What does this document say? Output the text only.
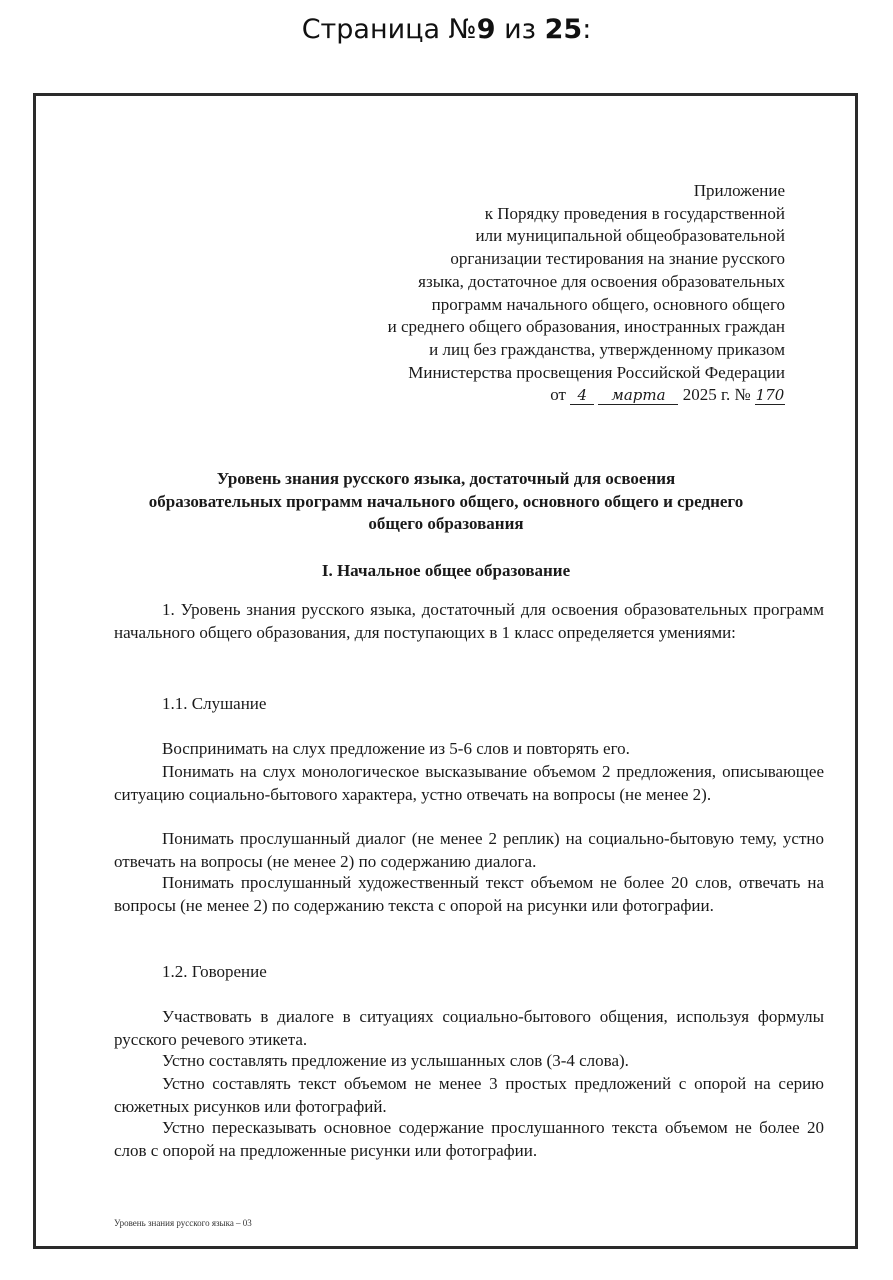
Страница №9 из 25:
Приложение
к Порядку проведения в государственной
или муниципальной общеобразовательной
организации тестирования на знание русского
языка, достаточное для освоения образовательных
программ начального общего, основного общего
и среднего общего образования, иностранных граждан
и лиц без гражданства, утвержденному приказом
Министерства просвещения Российской Федерации
от 4 марта 2025 г. № 170
Уровень знания русского языка, достаточный для освоения
образовательных программ начального общего, основного общего и среднего
общего образования
I. Начальное общее образование

1. Уровень знания русского языка, достаточный для освоения образовательных программ начального общего образования, для поступающих в 1 класс определяется умениями:

1.1. Слушание

Воспринимать на слух предложение из 5-6 слов и повторять его.

Понимать на слух монологическое высказывание объемом 2 предложения, описывающее ситуацию социально-бытового характера, устно отвечать на вопросы (не менее 2).

Понимать прослушанный диалог (не менее 2 реплик) на социально-бытовую тему, устно отвечать на вопросы (не менее 2) по содержанию диалога.

Понимать прослушанный художественный текст объемом не более 20 слов, отвечать на вопросы (не менее 2) по содержанию текста с опорой на рисунки или фотографии.

1.2. Говорение

Участвовать в диалоге в ситуациях социально-бытового общения, используя формулы русского речевого этикета.

Устно составлять предложение из услышанных слов (3-4 слова).

Устно составлять текст объемом не менее 3 простых предложений с опорой на серию сюжетных рисунков или фотографий.

Устно пересказывать основное содержание прослушанного текста объемом не более 20 слов с опорой на предложенные рисунки или фотографии.

Уровень знания русского языка – 03
